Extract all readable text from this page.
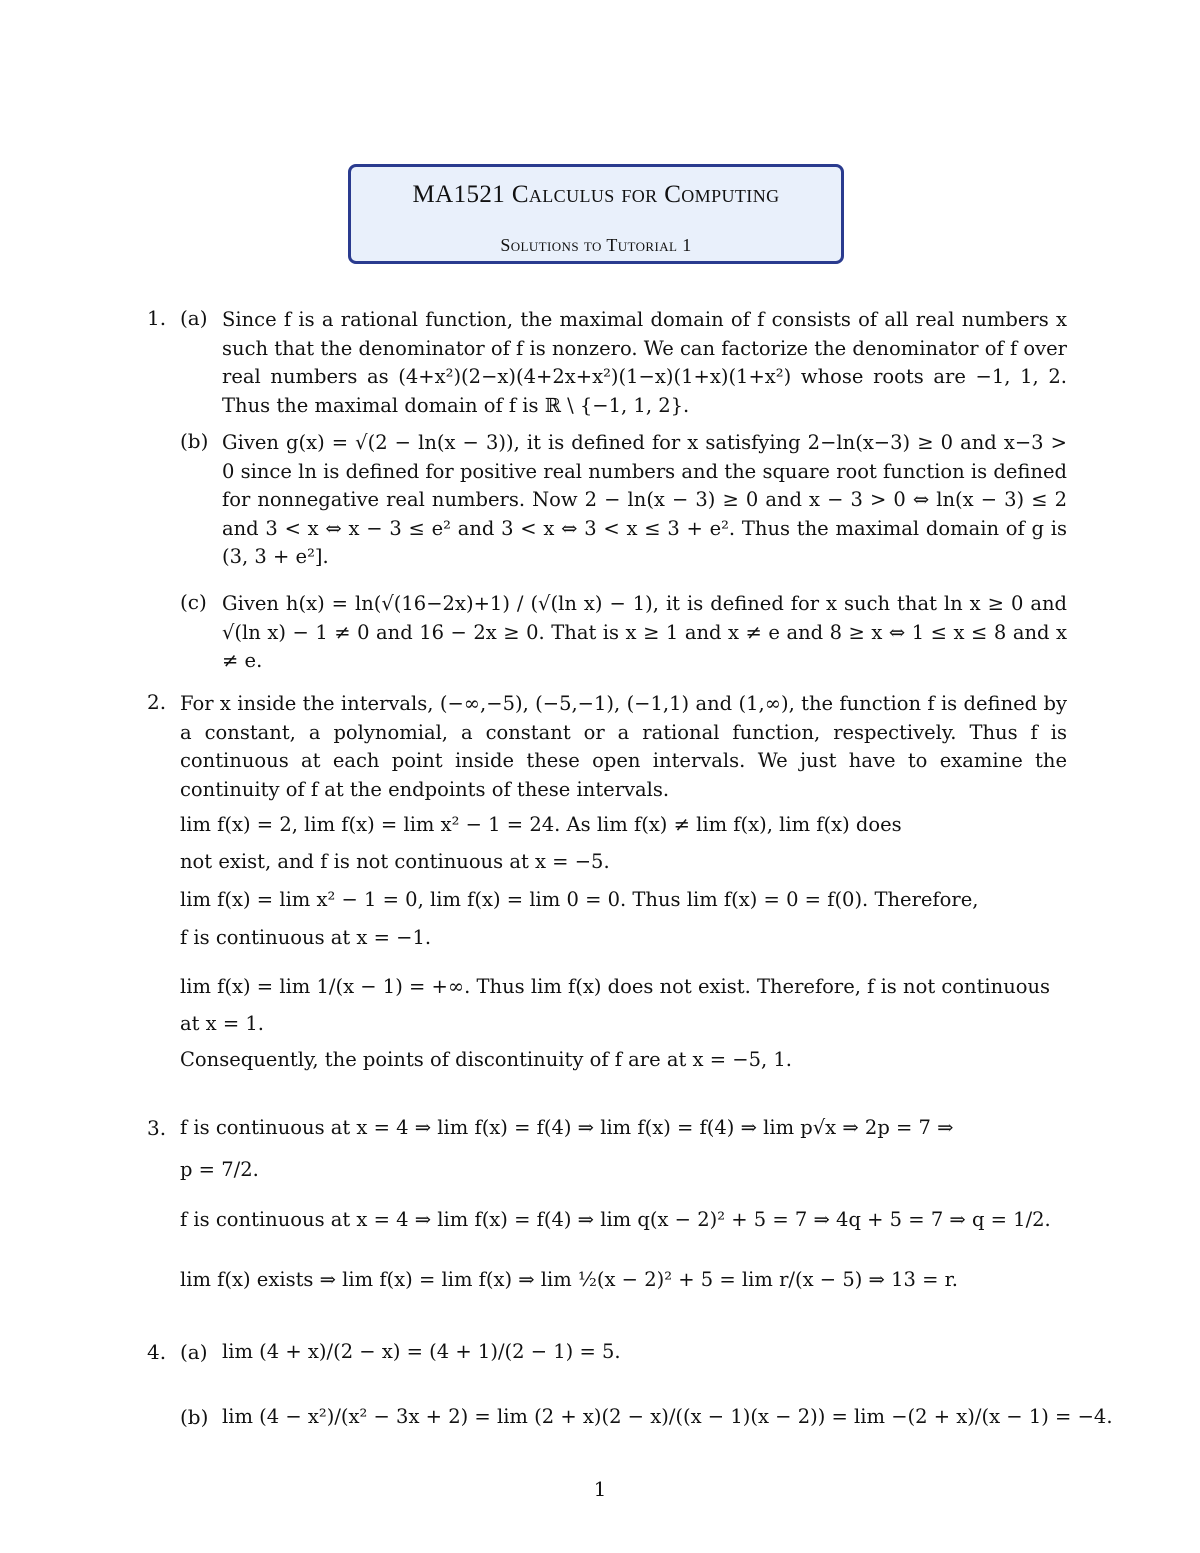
MA1521 Calculus for Computing
Solutions to Tutorial 1
1. (a) Since f is a rational function, the maximal domain of f consists of all real numbers x such that the denominator of f is nonzero. We can factorize the denominator of f over real numbers as (4+x²)(2−x)(4+2x+x²)(1−x)(1+x)(1+x²) whose roots are −1, 1, 2. Thus the maximal domain of f is ℝ \ {−1, 1, 2}.
(b) Given g(x) = √(2 − ln(x − 3)), it is defined for x satisfying 2−ln(x−3) ≥ 0 and x−3 > 0 since ln is defined for positive real numbers and the square root function is defined for nonnegative real numbers. Now 2 − ln(x − 3) ≥ 0 and x − 3 > 0 ⇔ ln(x − 3) ≤ 2 and 3 < x ⇔ x − 3 ≤ e² and 3 < x ⇔ 3 < x ≤ 3 + e². Thus the maximal domain of g is (3, 3 + e²].
(c) Given h(x) = ln(√(16−2x)+1) / (√(ln x) − 1), it is defined for x such that ln x ≥ 0 and √(ln x) − 1 ≠ 0 and 16 − 2x ≥ 0. That is x ≥ 1 and x ≠ e and 8 ≥ x ⇔ 1 ≤ x ≤ 8 and x ≠ e.
2. For x inside the intervals, (−∞,−5), (−5,−1), (−1,1) and (1,∞), the function f is defined by a constant, a polynomial, a constant or a rational function, respectively. Thus f is continuous at each point inside these open intervals. We just have to examine the continuity of f at the endpoints of these intervals.
lim f(x) = 2, lim f(x) = lim x² − 1 = 24. As lim f(x) ≠ lim f(x), lim f(x) does
not exist, and f is not continuous at x = −5.
lim f(x) = lim x² − 1 = 0, lim f(x) = lim 0 = 0. Thus lim f(x) = 0 = f(0). Therefore,
f is continuous at x = −1.
lim f(x) = lim 1/(x − 1) = +∞. Thus lim f(x) does not exist. Therefore, f is not continuous
at x = 1.
Consequently, the points of discontinuity of f are at x = −5, 1.
3. f is continuous at x = 4 ⇒ lim f(x) = f(4) ⇒ lim f(x) = f(4) ⇒ lim p√x ⇒ 2p = 7 ⇒
p = 7/2.
f is continuous at x = 4 ⇒ lim f(x) = f(4) ⇒ lim q(x − 2)² + 5 = 7 ⇒ 4q + 5 = 7 ⇒ q = 1/2.
lim f(x) exists ⇒ lim f(x) = lim f(x) ⇒ lim ½(x − 2)² + 5 = lim r/(x − 5) ⇒ 13 = r.
4. (a) lim (4 + x)/(2 − x) = (4 + 1)/(2 − 1) = 5.
(b) lim (4 − x²)/(x² − 3x + 2) = lim (2 + x)(2 − x)/((x − 1)(x − 2)) = lim −(2 + x)/(x − 1) = −4.
1
